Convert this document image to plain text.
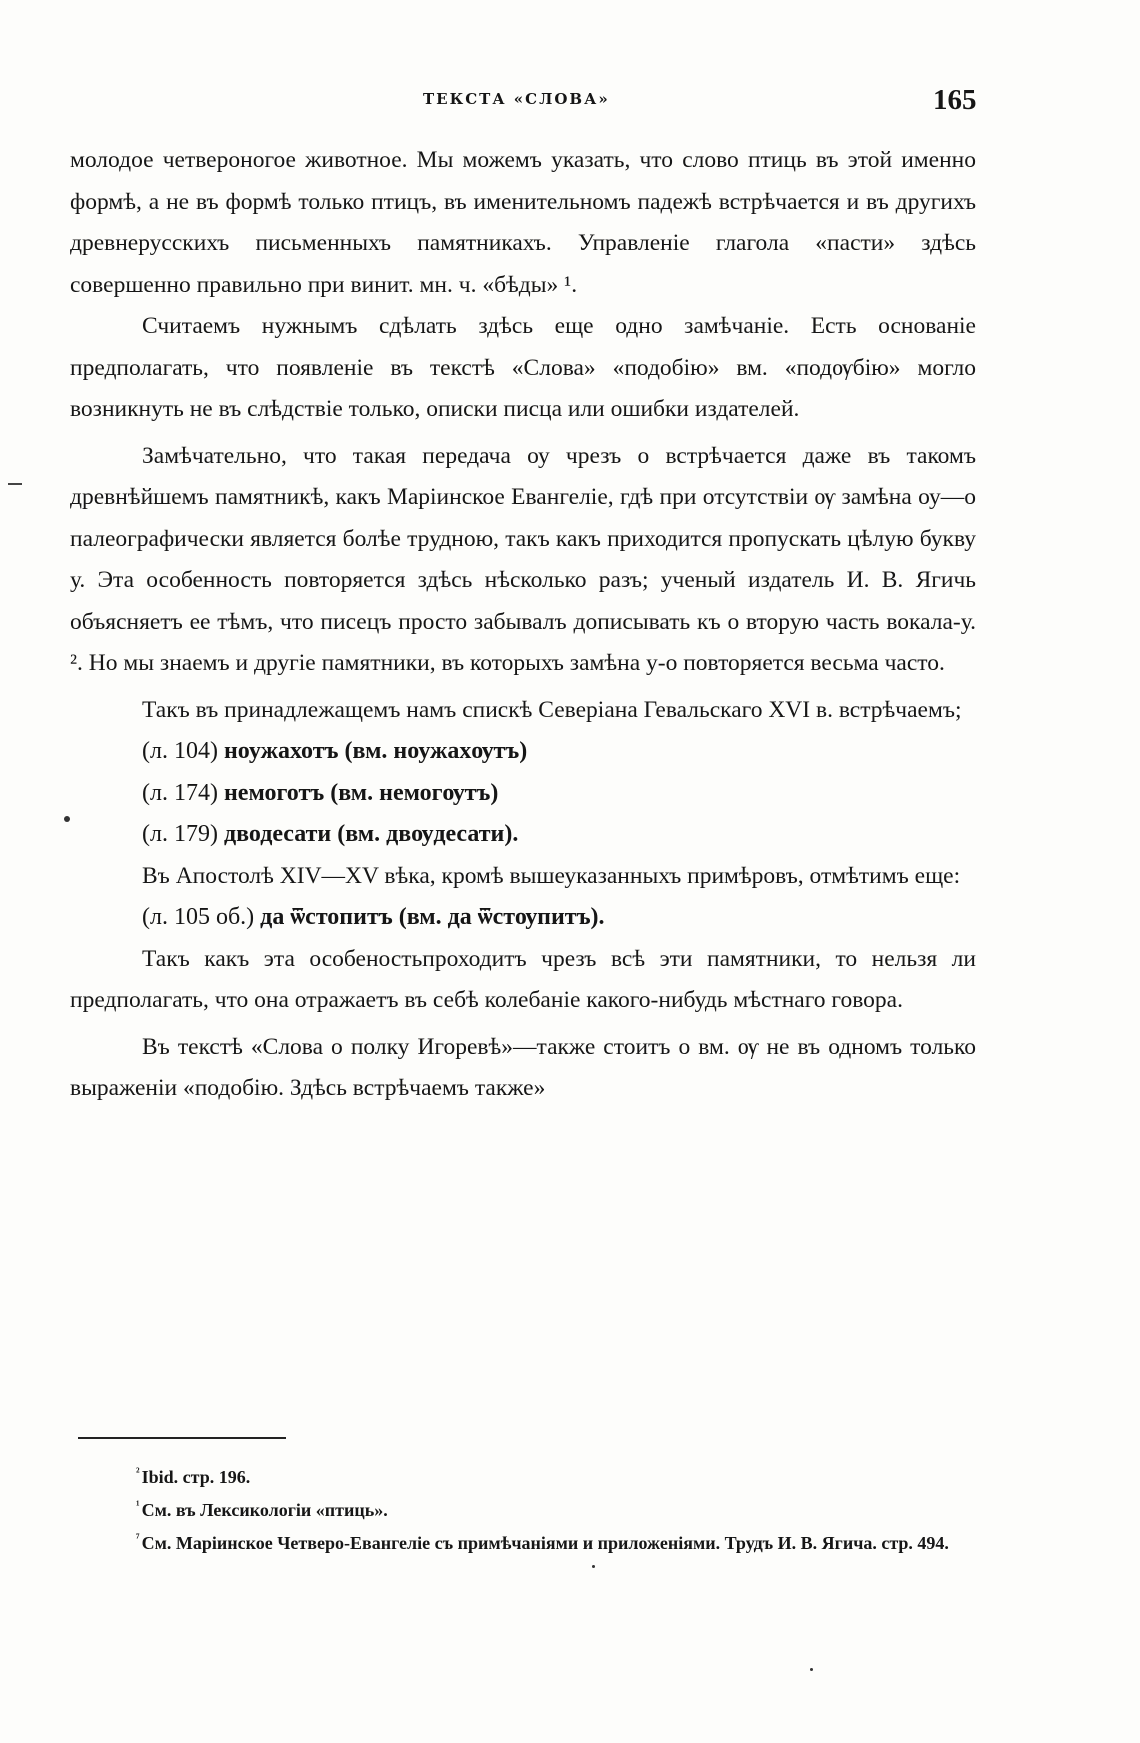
ТЕКСТА «СЛОВА»	165

молодое четвероногое животное. Мы можемъ указать, что слово птиць въ этой именно формѣ, а не въ формѣ только птицъ, въ именительномъ падежѣ встрѣчается и въ другихъ древнерусскихъ письменныхъ памятникахъ. Управленіе глагола «пасти» здѣсь совершенно правильно при винит. мн. ч. «бѣды» ¹.

Считаемъ нужнымъ сдѣлать здѣсь еще одно замѣчаніе. Есть основаніе предполагать, что появленіе въ текстѣ «Слова» «подобію» вм. «подѹбію» могло возникнуть не въ слѣдствіе только, описки писца или ошибки издателей.

Замѣчательно, что такая передача оу чрезъ о встрѣчается даже въ такомъ древнѣйшемъ памятникѣ, какъ Маріинское Евангеліе, гдѣ при отсутствіи ѹ замѣна оу—о палеографически является болѣе трудною, такъ какъ приходится пропускать цѣлую букву у. Эта особенность повторяется здѣсь нѣсколько разъ; ученый издатель И. В. Ягичь объясняетъ ее тѣмъ, что писецъ просто забывалъ дописывать къ о вторую часть вокала-у. ². Но мы знаемъ и другіе памятники, въ которыхъ замѣна у-о повторяется весьма часто.

Такъ въ принадлежащемъ намъ спискѣ Северіана Гевальскаго XVI в. встрѣчаемъ;

(л. 104) ноужахотъ (вм. ноужахѹтъ)
(л. 174) немоготъ (вм. немогѹтъ)
(л. 179) дводесати (вм. двѹдесати).

Въ Апостолѣ XIV—XV вѣка, кромѣ вышеуказанныхъ примѣровъ, отмѣтимъ еще:

(л. 105 об.) да ѿстопитъ (вм. да ѿстѹпитъ).

Такъ какъ эта особеностьпроходитъ чрезъ всѣ эти памятники, то нельзя ли предполагать, что она отражаетъ въ себѣ колебаніе какого-нибудь мѣстнаго говора.

Въ текстѣ «Слова о полку Игоревѣ»—также стоитъ о вм. ѹ не въ одномъ только выраженіи «подобію. Здѣсь встрѣчаемъ также»

$^{^2}$ Ibid. стр. 196.

$^{^1}$ См. въ Лексикологіи «птиць».

$^{^7}$ См. Маріинское Четверо-Евангеліе съ примѣчаніями и приложеніями. Трудъ И. В. Ягича. стр. 494.
